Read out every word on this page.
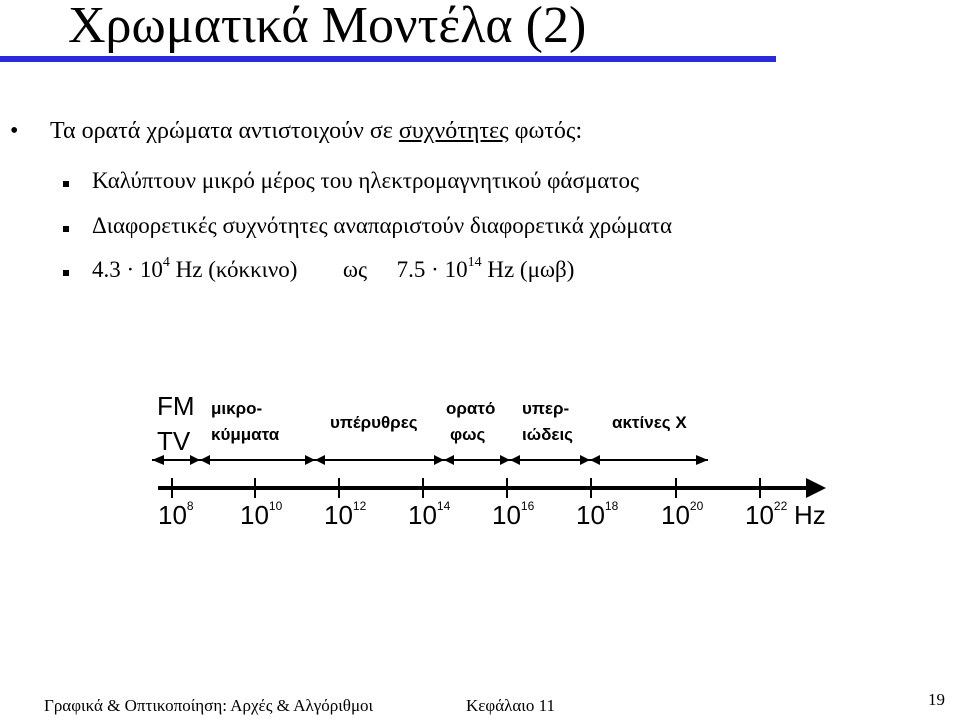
Χρωματικά Μοντέλα (2)
• Τα ορατά χρώματα αντιστοιχούν σε συχνότητες φωτός:
Καλύπτουν μικρό μέρος του ηλεκτρομαγνητικού φάσματος
Διαφορετικές συχνότητες αναπαριστούν διαφορετικά χρώματα
$4.3 \cdot 10^4$ Hz (κόκκινο) ως $7.5 \cdot 10^{14}$ Hz (μωβ)
FM
TV
μικρο-
κύμματα
υπέρυθρες
ορατό
φως
υπερ-
ιώδεις
ακτίνες Χ
$10^8$ $10^{10}$ $10^{12}$ $10^{14}$ $10^{16}$ $10^{18}$ $10^{20}$ $10^{22}$ Hz
Γραφικά & Οπτικοποίηση: Αρχές & Αλγόριθμοι	Κεφάλαιο 11	19
